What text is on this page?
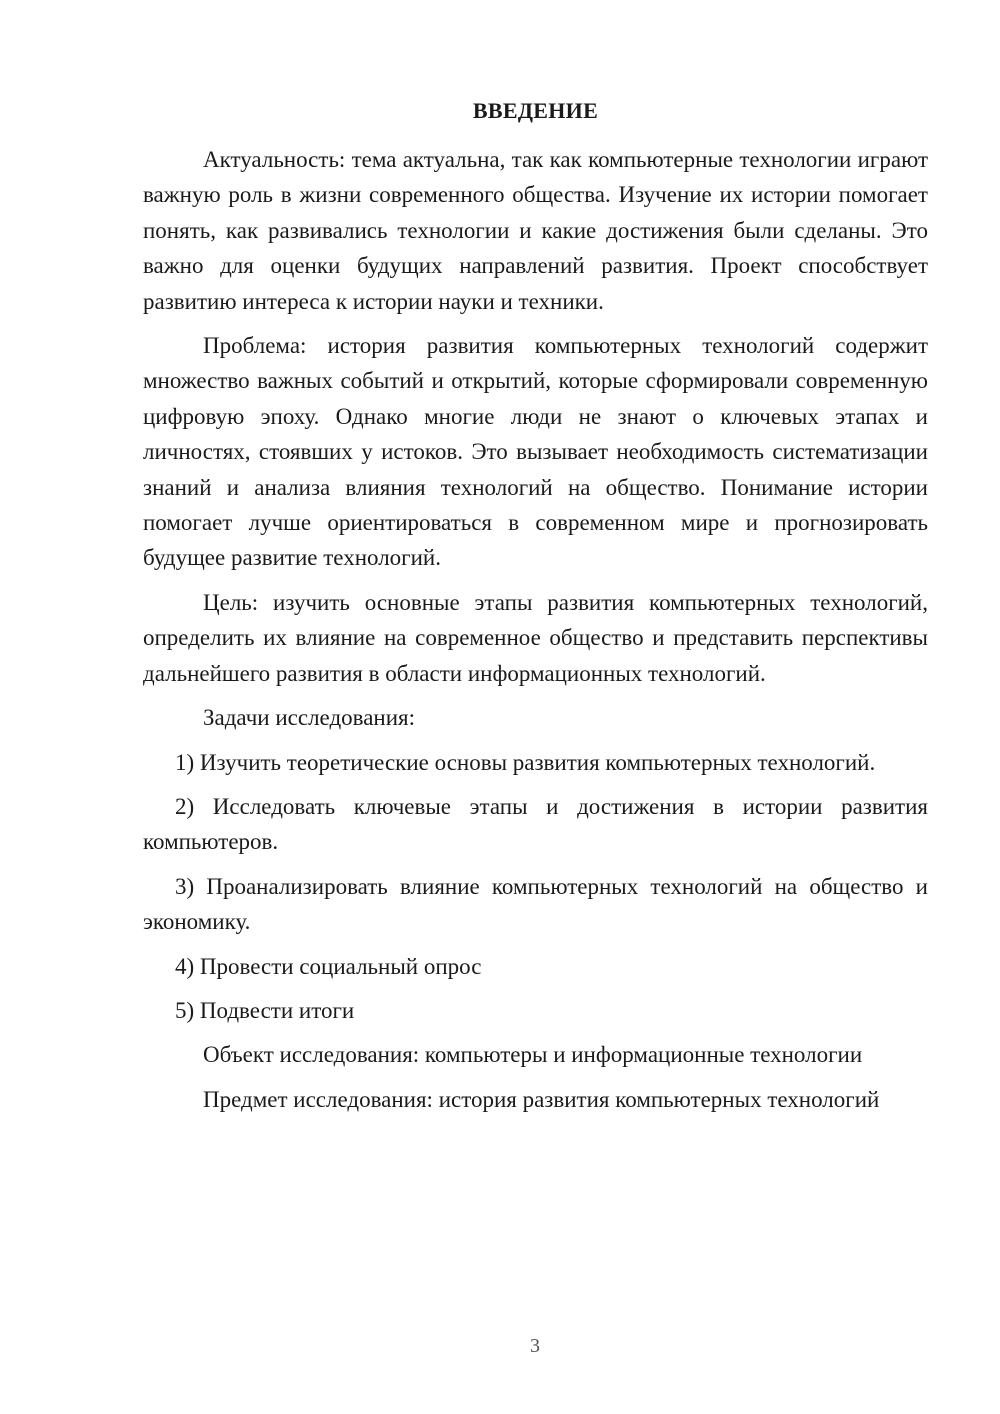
ВВЕДЕНИЕ

Актуальность: тема актуальна, так как компьютерные технологии играют важную роль в жизни современного общества. Изучение их истории помогает понять, как развивались технологии и какие достижения были сделаны. Это важно для оценки будущих направлений развития. Проект способствует развитию интереса к истории науки и техники.

Проблема: история развития компьютерных технологий содержит множество важных событий и открытий, которые сформировали современную цифровую эпоху. Однако многие люди не знают о ключевых этапах и личностях, стоявших у истоков. Это вызывает необходимость систематизации знаний и анализа влияния технологий на общество. Понимание истории помогает лучше ориентироваться в современном мире и прогнозировать будущее развитие технологий.

Цель: изучить основные этапы развития компьютерных технологий, определить их влияние на современное общество и представить перспективы дальнейшего развития в области информационных технологий.

Задачи исследования:

1) Изучить теоретические основы развития компьютерных технологий.

2) Исследовать ключевые этапы и достижения в истории развития компьютеров.

3) Проанализировать влияние компьютерных технологий на общество и экономику.

4) Провести социальный опрос

5) Подвести итоги

Объект исследования: компьютеры и информационные технологии

Предмет исследования: история развития компьютерных технологий

3
